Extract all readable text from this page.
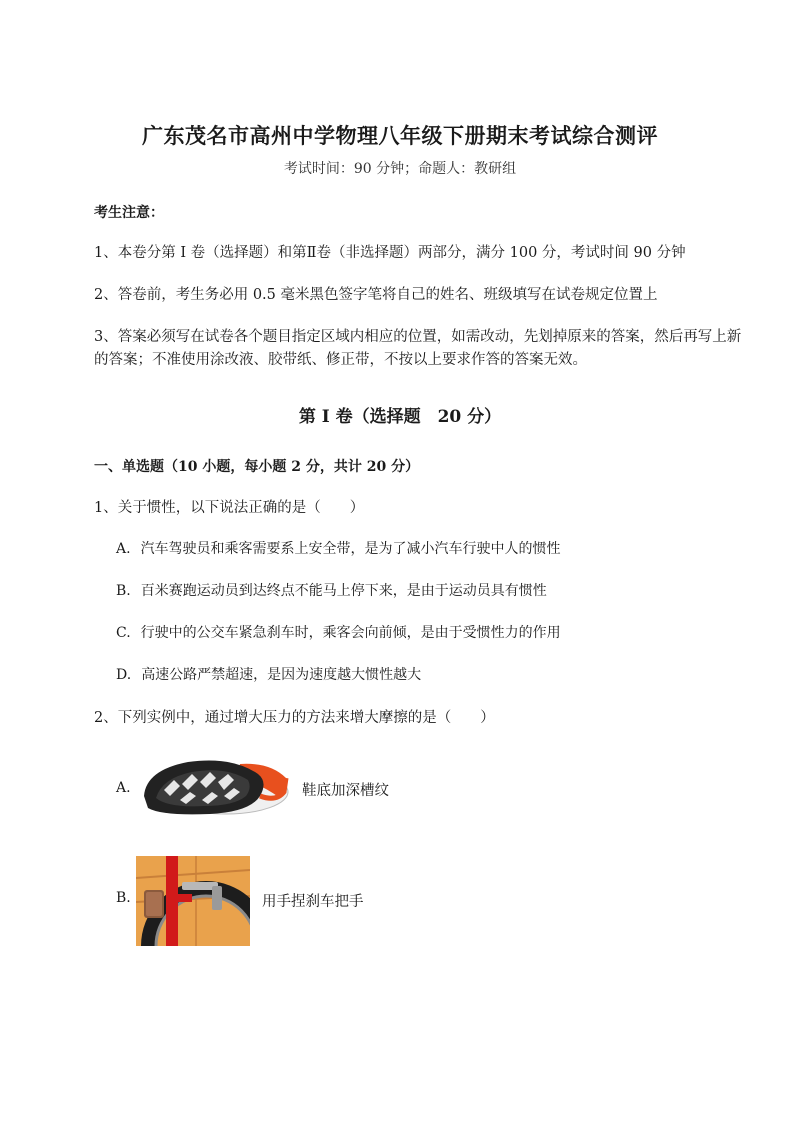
广东茂名市高州中学物理八年级下册期末考试综合测评
考试时间：90 分钟；命题人：教研组
考生注意：
1、本卷分第 I 卷（选择题）和第Ⅱ卷（非选择题）两部分，满分 100 分，考试时间 90 分钟
2、答卷前，考生务必用 0.5 毫米黑色签字笔将自己的姓名、班级填写在试卷规定位置上
3、答案必须写在试卷各个题目指定区域内相应的位置，如需改动，先划掉原来的答案，然后再写上新的答案；不准使用涂改液、胶带纸、修正带，不按以上要求作答的答案无效。
第 I 卷（选择题　20 分）
一、单选题（10 小题，每小题 2 分，共计 20 分）
1、关于惯性，以下说法正确的是（　　）
A. 汽车驾驶员和乘客需要系上安全带，是为了减小汽车行驶中人的惯性
B. 百米赛跑运动员到达终点不能马上停下来，是由于运动员具有惯性
C. 行驶中的公交车紧急刹车时，乘客会向前倾，是由于受惯性力的作用
D. 高速公路严禁超速，是因为速度越大惯性越大
2、下列实例中，通过增大压力的方法来增大摩擦的是（　　）
A.	鞋底加深槽纹
B.	用手捏刹车把手
